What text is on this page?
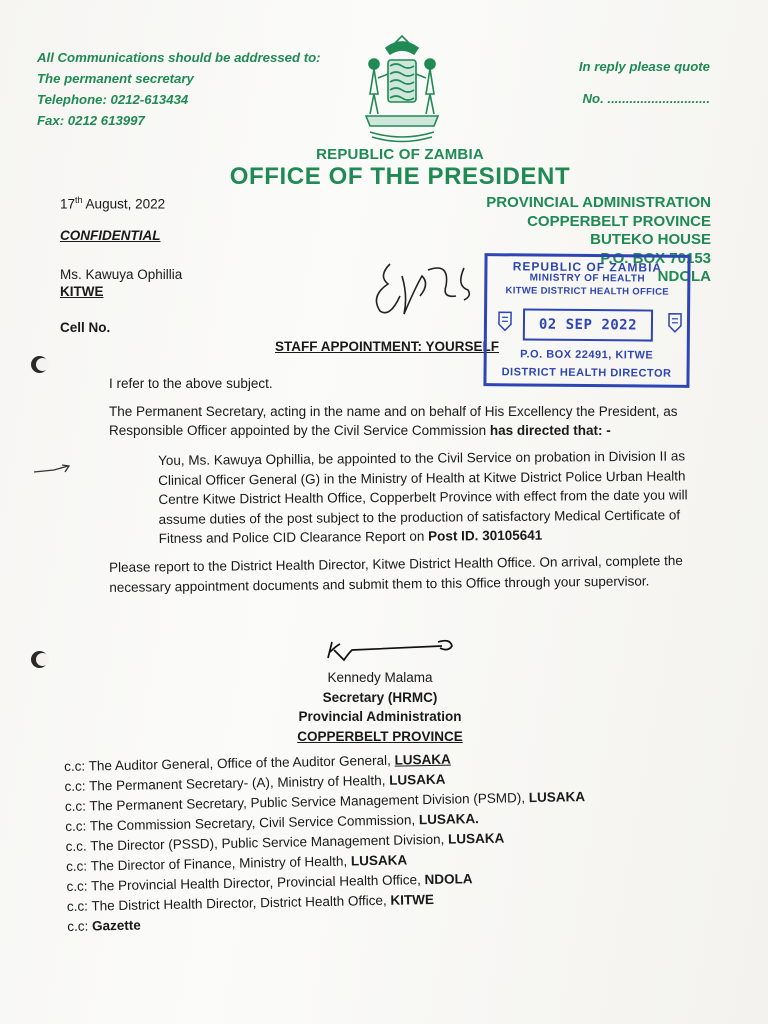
All Communications should be addressed to:
The permanent secretary
Telephone: 0212-613434
Fax: 0212 613997
In reply please quote
No. ............................
REPUBLIC OF ZAMBIA
OFFICE OF THE PRESIDENT
PROVINCIAL ADMINISTRATION
COPPERBELT PROVINCE
BUTEKO HOUSE
P.O. BOX 70153
NDOLA
17th August, 2022
CONFIDENTIAL
Ms. Kawuya Ophillia
KITWE
Cell No.
STAFF APPOINTMENT: YOURSELF
REPUBLIC OF ZAMBIA
MINISTRY OF HEALTH
KITWE DISTRICT HEALTH OFFICE
02 SEP 2022
P.O. BOX 22491, KITWE
DISTRICT HEALTH DIRECTOR
I refer to the above subject.
The Permanent Secretary, acting in the name and on behalf of His Excellency the President, as Responsible Officer appointed by the Civil Service Commission has directed that: -
You, Ms. Kawuya Ophillia, be appointed to the Civil Service on probation in Division II as Clinical Officer General (G) in the Ministry of Health at Kitwe District Police Urban Health Centre Kitwe District Health Office, Copperbelt Province with effect from the date you will assume duties of the post subject to the production of satisfactory Medical Certificate of Fitness and Police CID Clearance Report on Post ID. 30105641
Please report to the District Health Director, Kitwe District Health Office. On arrival, complete the necessary appointment documents and submit them to this Office through your supervisor.
Kennedy Malama
Secretary (HRMC)
Provincial Administration
COPPERBELT PROVINCE
c.c: The Auditor General, Office of the Auditor General, LUSAKA
c.c: The Permanent Secretary- (A), Ministry of Health, LUSAKA
c.c: The Permanent Secretary, Public Service Management Division (PSMD), LUSAKA
c.c: The Commission Secretary, Civil Service Commission, LUSAKA.
c.c. The Director (PSSD), Public Service Management Division, LUSAKA
c.c: The Director of Finance, Ministry of Health, LUSAKA
c.c: The Provincial Health Director, Provincial Health Office, NDOLA
c.c: The District Health Director, District Health Office, KITWE
c.c: Gazette
